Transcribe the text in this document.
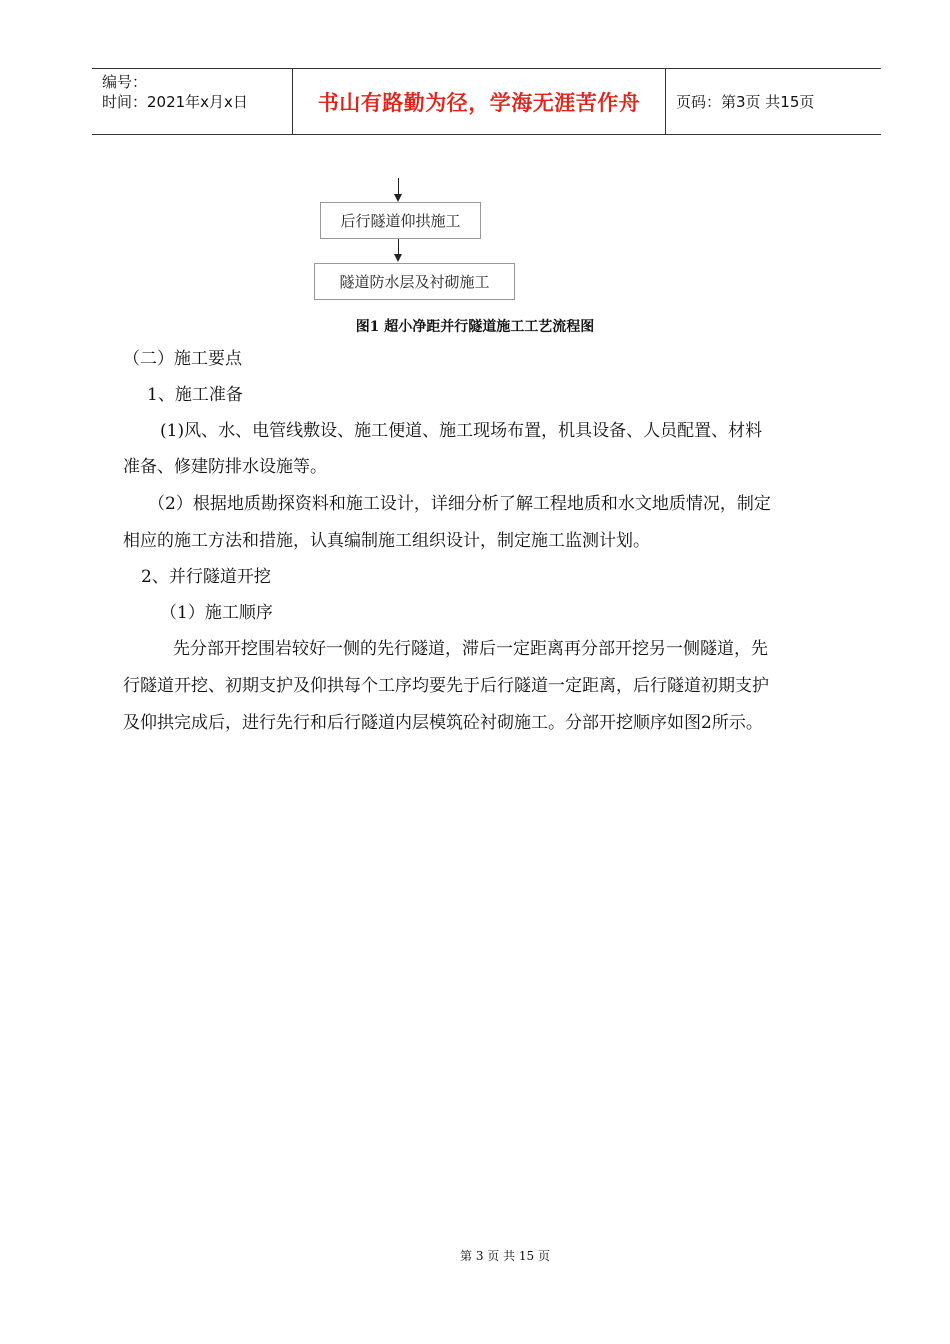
编号：
时间：2021年x月x日	书山有路勤为径，学海无涯苦作舟	页码：第3页 共15页
后行隧道仰拱施工
隧道防水层及衬砌施工
图1 超小净距并行隧道施工工艺流程图
（二）施工要点
1、施工准备
(1)风、水、电管线敷设、施工便道、施工现场布置，机具设备、人员配置、材料
准备、修建防排水设施等。
（2）根据地质勘探资料和施工设计，详细分析了解工程地质和水文地质情况，制定
相应的施工方法和措施，认真编制施工组织设计，制定施工监测计划。
2、并行隧道开挖
（1）施工顺序
先分部开挖围岩较好一侧的先行隧道，滞后一定距离再分部开挖另一侧隧道，先
行隧道开挖、初期支护及仰拱每个工序均要先于后行隧道一定距离，后行隧道初期支护
及仰拱完成后，进行先行和后行隧道内层模筑砼衬砌施工。分部开挖顺序如图2所示。
第 3 页 共 15 页
